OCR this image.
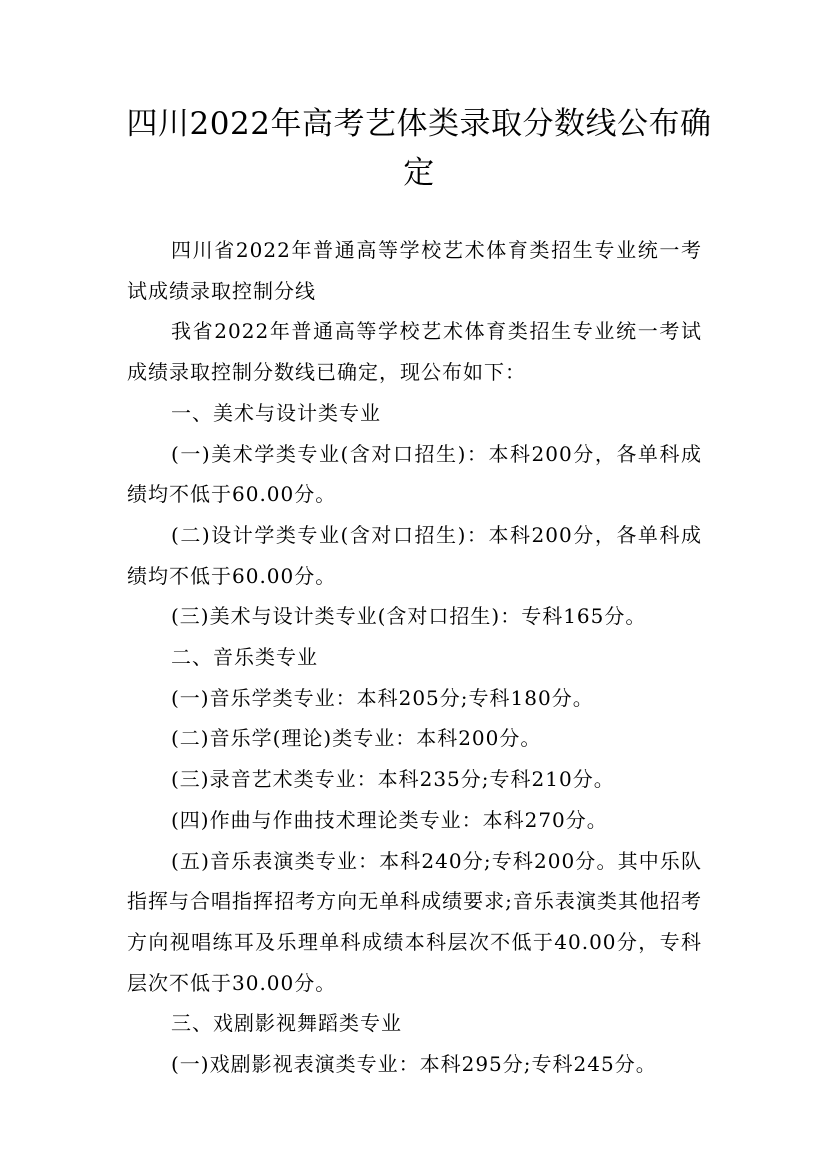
四川2022年高考艺体类录取分数线公布确定

四川省2022年普通高等学校艺术体育类招生专业统一考试成绩录取控制分线

我省2022年普通高等学校艺术体育类招生专业统一考试成绩录取控制分数线已确定，现公布如下：

一、美术与设计类专业

(一)美术学类专业(含对口招生)：本科200分，各单科成绩均不低于60.00分。

(二)设计学类专业(含对口招生)：本科200分，各单科成绩均不低于60.00分。

(三)美术与设计类专业(含对口招生)：专科165分。

二、音乐类专业

(一)音乐学类专业：本科205分;专科180分。

(二)音乐学(理论)类专业：本科200分。

(三)录音艺术类专业：本科235分;专科210分。

(四)作曲与作曲技术理论类专业：本科270分。

(五)音乐表演类专业：本科240分;专科200分。其中乐队指挥与合唱指挥招考方向无单科成绩要求;音乐表演类其他招考方向视唱练耳及乐理单科成绩本科层次不低于40.00分，专科层次不低于30.00分。

三、戏剧影视舞蹈类专业

(一)戏剧影视表演类专业：本科295分;专科245分。
